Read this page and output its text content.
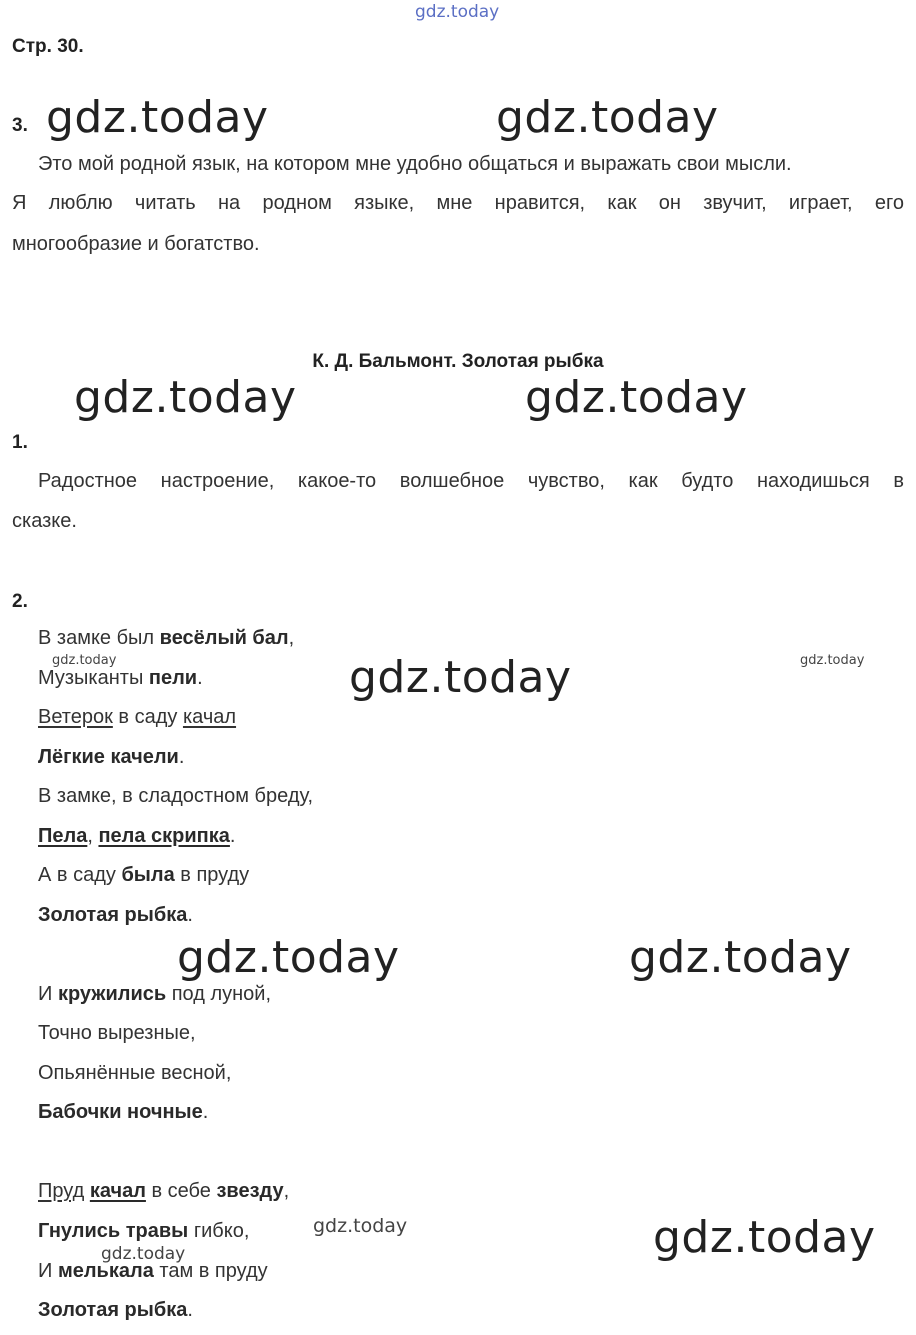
gdz.today
gdz.today	gdz.today
gdz.today	gdz.today
gdz.today	gdz.today	gdz.today
gdz.today	gdz.today
gdz.today	gdz.today
gdz.today
Стр. 30.
3.
Это мой родной язык, на котором мне удобно общаться и выражать свои мысли.
Я люблю читать на родном языке, мне нравится, как он звучит, играет, его
многообразие и богатство.
К. Д. Бальмонт. Золотая рыбка
1.
Радостное настроение, какое-то волшебное чувство, как будто находишься в
сказке.
2.
В замке был весёлый бал,
Музыканты пели.
Ветерок в саду качал
Лёгкие качели.
В замке, в сладостном бреду,
Пела, пела скрипка.
А в саду была в пруду
Золотая рыбка.
И кружились под луной,
Точно вырезные,
Опьянённые весной,
Бабочки ночные.
Пруд качал в себе звезду,
Гнулись травы гибко,
И мелькала там в пруду
Золотая рыбка.
